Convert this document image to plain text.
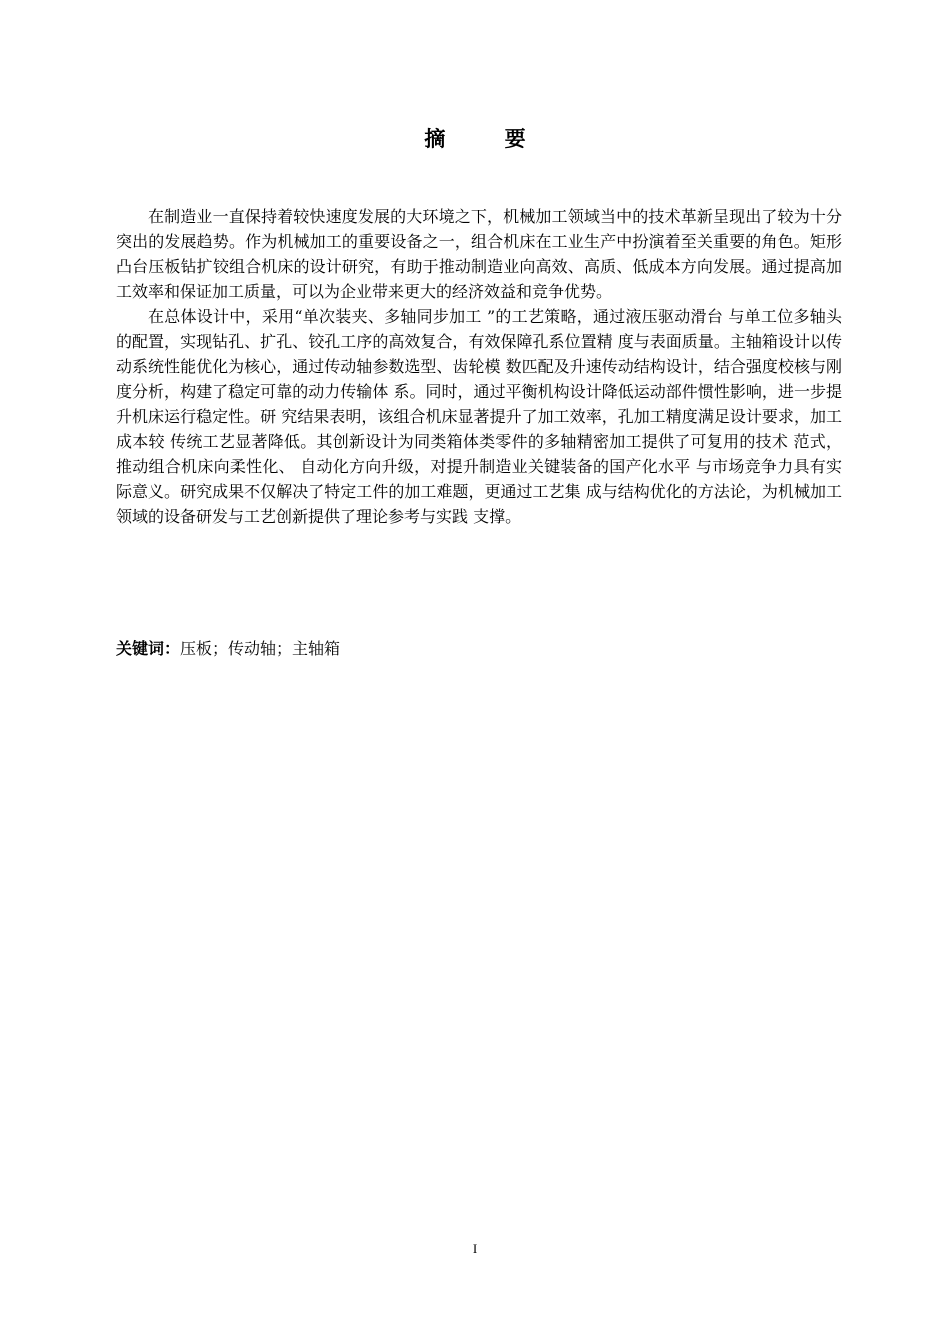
摘 要

在制造业一直保持着较快速度发展的大环境之下，机械加工领域当中的技术革新呈现出了较为十分突出的发展趋势。作为机械加工的重要设备之一，组合机床在工业生产中扮演着至关重要的角色。矩形凸台压板钻扩铰组合机床的设计研究，有助于推动制造业向高效、高质、低成本方向发展。通过提高加工效率和保证加工质量，可以为企业带来更大的经济效益和竞争优势。

在总体设计中，采用“单次装夹、多轴同步加工 ”的工艺策略，通过液压驱动滑台 与单工位多轴头的配置，实现钻孔、扩孔、铰孔工序的高效复合，有效保障孔系位置精 度与表面质量。主轴箱设计以传动系统性能优化为核心，通过传动轴参数选型、齿轮模 数匹配及升速传动结构设计，结合强度校核与刚度分析，构建了稳定可靠的动力传输体 系。同时，通过平衡机构设计降低运动部件惯性影响，进一步提升机床运行稳定性。研 究结果表明，该组合机床显著提升了加工效率，孔加工精度满足设计要求，加工成本较 传统工艺显著降低。其创新设计为同类箱体类零件的多轴精密加工提供了可复用的技术 范式，推动组合机床向柔性化、 自动化方向升级，对提升制造业关键装备的国产化水平 与市场竞争力具有实际意义。研究成果不仅解决了特定工件的加工难题，更通过工艺集 成与结构优化的方法论，为机械加工领域的设备研发与工艺创新提供了理论参考与实践 支撑。

关键词：压板；传动轴；主轴箱
I
